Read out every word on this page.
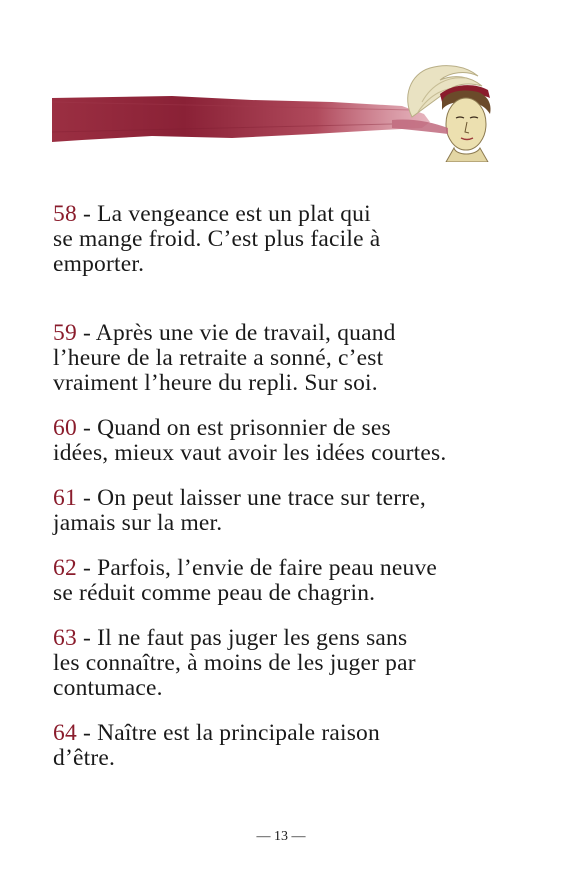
58 - La vengeance est un plat qui
se mange froid. C’est plus facile à
emporter.

59 - Après une vie de travail, quand
l’heure de la retraite a sonné, c’est
vraiment l’heure du repli. Sur soi.

60 - Quand on est prisonnier de ses
idées, mieux vaut avoir les idées courtes.

61 - On peut laisser une trace sur terre,
jamais sur la mer.

62 - Parfois, l’envie de faire peau neuve
se réduit comme peau de chagrin.

63 - Il ne faut pas juger les gens sans
les connaître, à moins de les juger par
contumace.

64 - Naître est la principale raison
d’être.

— 13 —
